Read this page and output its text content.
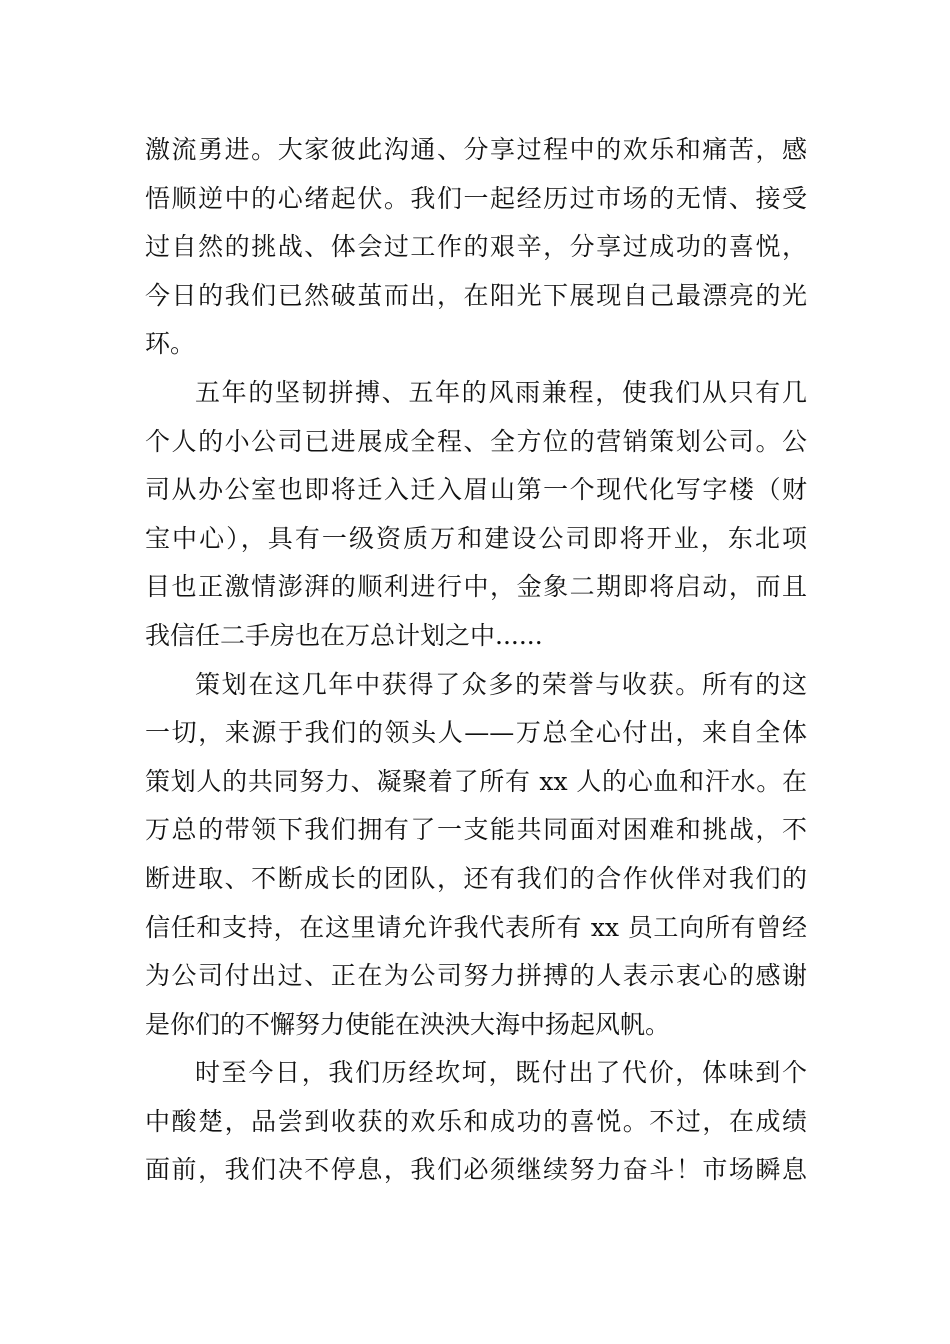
激流勇进。大家彼此沟通、分享过程中的欢乐和痛苦，感
悟顺逆中的心绪起伏。我们一起经历过市场的无情、接受
过自然的挑战、体会过工作的艰辛，分享过成功的喜悦，
今日的我们已然破茧而出，在阳光下展现自己最漂亮的光
环。
五年的坚韧拼搏、五年的风雨兼程，使我们从只有几
个人的小公司已进展成全程、全方位的营销策划公司。公
司从办公室也即将迁入迁入眉山第一个现代化写字楼（财
宝中心），具有一级资质万和建设公司即将开业，东北项
目也正激情澎湃的顺利进行中，金象二期即将启动，而且
我信任二手房也在万总计划之中......
策划在这几年中获得了众多的荣誉与收获。所有的这
一切，来源于我们的领头人——万总全心付出，来自全体
策划人的共同努力、凝聚着了所有 xx 人的心血和汗水。在
万总的带领下我们拥有了一支能共同面对困难和挑战，不
断进取、不断成长的团队，还有我们的合作伙伴对我们的
信任和支持，在这里请允许我代表所有 xx 员工向所有曾经
为公司付出过、正在为公司努力拼搏的人表示衷心的感谢
是你们的不懈努力使能在泱泱大海中扬起风帆。
时至今日，我们历经坎坷，既付出了代价，体味到个
中酸楚，品尝到收获的欢乐和成功的喜悦。不过，在成绩
面前，我们决不停息，我们必须继续努力奋斗！市场瞬息
